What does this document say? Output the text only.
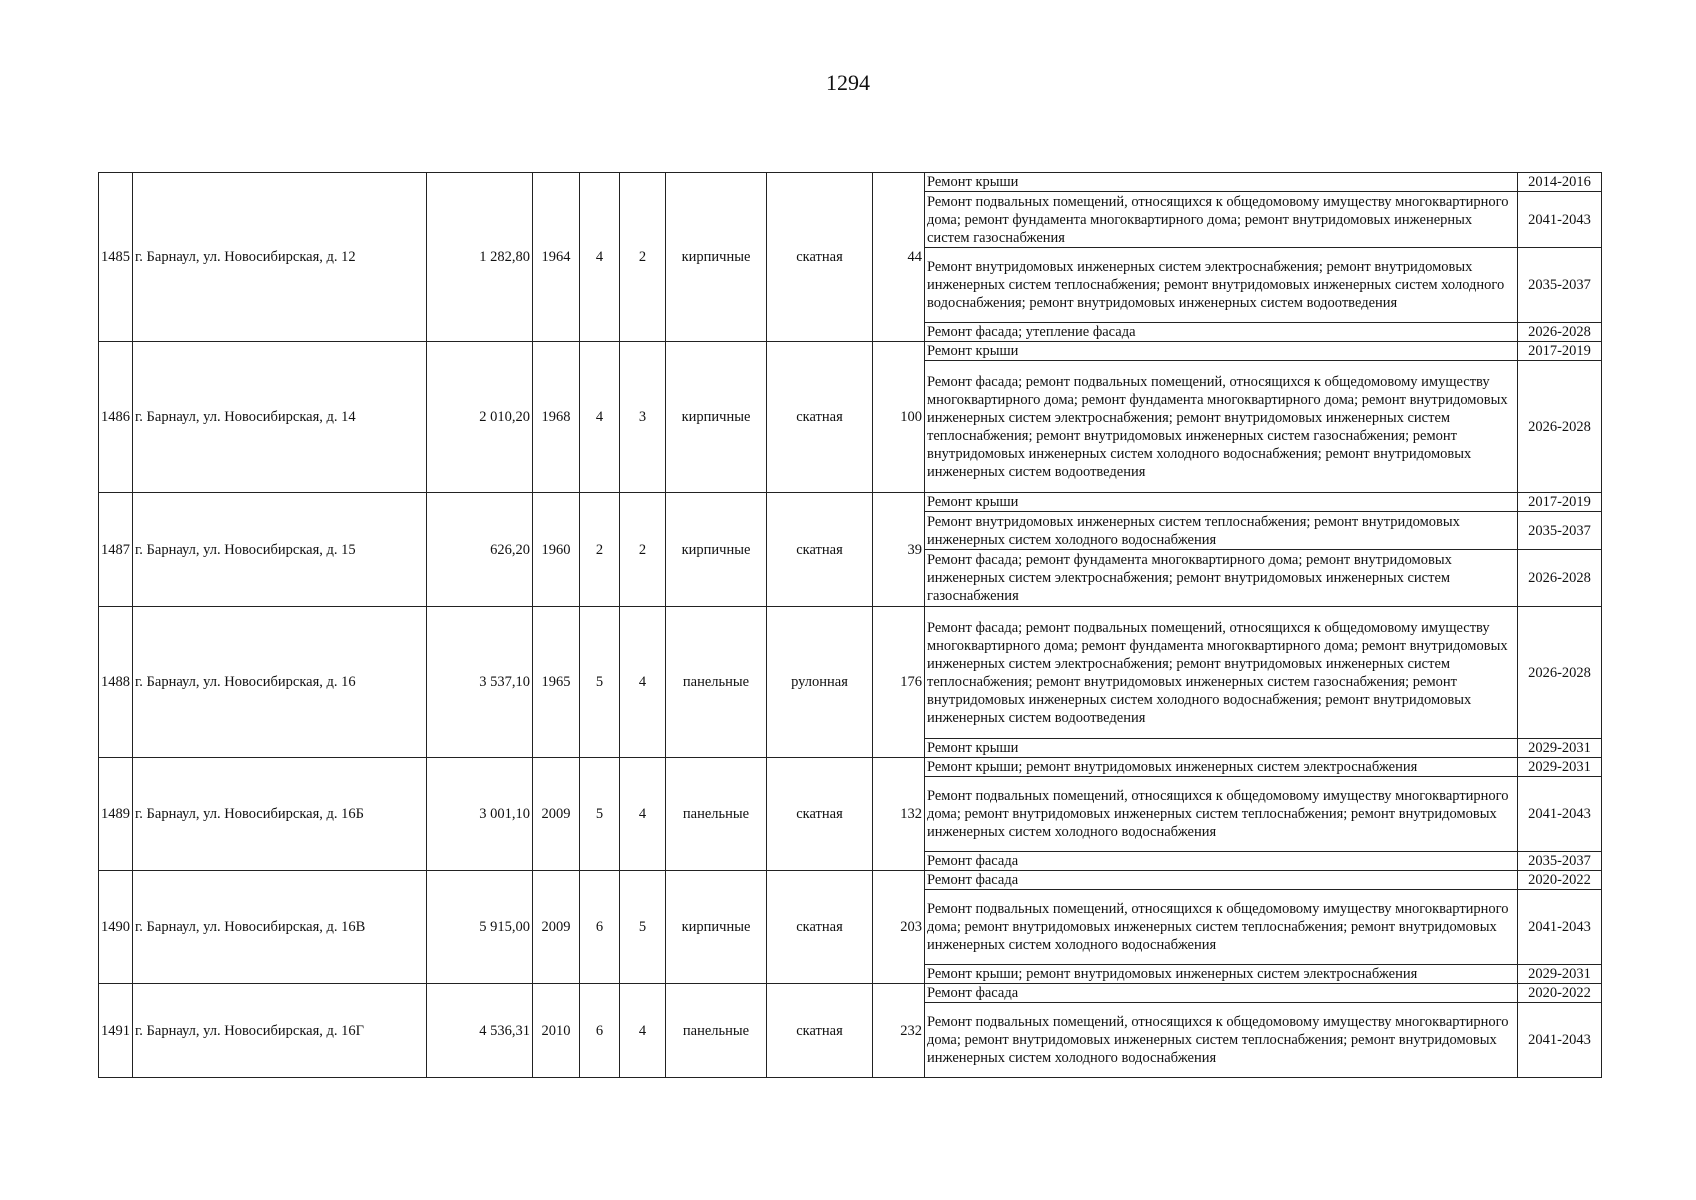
1294
1485	г. Барнаул, ул. Новосибирская, д. 12	1 282,80	1964	4	2	кирпичные	скатная	44	Ремонт крыши	2014-2016
									Ремонт подвальных помещений, относящихся к общедомовому имуществу многоквартирного дома; ремонт фундамента многоквартирного дома; ремонт внутридомовых инженерных систем газоснабжения	2041-2043
									Ремонт внутридомовых инженерных систем электроснабжения; ремонт внутридомовых инженерных систем теплоснабжения; ремонт внутридомовых инженерных систем холодного водоснабжения; ремонт внутридомовых инженерных систем водоотведения	2035-2037
									Ремонт фасада; утепление фасада	2026-2028
1486	г. Барнаул, ул. Новосибирская, д. 14	2 010,20	1968	4	3	кирпичные	скатная	100	Ремонт крыши	2017-2019
									Ремонт фасада; ремонт подвальных помещений, относящихся к общедомовому имуществу многоквартирного дома; ремонт фундамента многоквартирного дома; ремонт внутридомовых инженерных систем электроснабжения; ремонт внутридомовых инженерных систем теплоснабжения; ремонт внутридомовых инженерных систем газоснабжения; ремонт внутридомовых инженерных систем холодного водоснабжения; ремонт внутридомовых инженерных систем водоотведения	2026-2028
1487	г. Барнаул, ул. Новосибирская, д. 15	626,20	1960	2	2	кирпичные	скатная	39	Ремонт крыши	2017-2019
									Ремонт внутридомовых инженерных систем теплоснабжения; ремонт внутридомовых инженерных систем холодного водоснабжения	2035-2037
									Ремонт фасада; ремонт фундамента многоквартирного дома; ремонт внутридомовых инженерных систем электроснабжения; ремонт внутридомовых инженерных систем газоснабжения	2026-2028
1488	г. Барнаул, ул. Новосибирская, д. 16	3 537,10	1965	5	4	панельные	рулонная	176	Ремонт фасада; ремонт подвальных помещений, относящихся к общедомовому имуществу многоквартирного дома; ремонт фундамента многоквартирного дома; ремонт внутридомовых инженерных систем электроснабжения; ремонт внутридомовых инженерных систем теплоснабжения; ремонт внутридомовых инженерных систем газоснабжения; ремонт внутридомовых инженерных систем холодного водоснабжения; ремонт внутридомовых инженерных систем водоотведения	2026-2028
									Ремонт крыши	2029-2031
1489	г. Барнаул, ул. Новосибирская, д. 16Б	3 001,10	2009	5	4	панельные	скатная	132	Ремонт крыши; ремонт внутридомовых инженерных систем электроснабжения	2029-2031
									Ремонт подвальных помещений, относящихся к общедомовому имуществу многоквартирного дома; ремонт внутридомовых инженерных систем теплоснабжения; ремонт внутридомовых инженерных систем холодного водоснабжения	2041-2043
									Ремонт фасада	2035-2037
1490	г. Барнаул, ул. Новосибирская, д. 16В	5 915,00	2009	6	5	кирпичные	скатная	203	Ремонт фасада	2020-2022
									Ремонт подвальных помещений, относящихся к общедомовому имуществу многоквартирного дома; ремонт внутридомовых инженерных систем теплоснабжения; ремонт внутридомовых инженерных систем холодного водоснабжения	2041-2043
									Ремонт крыши; ремонт внутридомовых инженерных систем электроснабжения	2029-2031
1491	г. Барнаул, ул. Новосибирская, д. 16Г	4 536,31	2010	6	4	панельные	скатная	232	Ремонт фасада	2020-2022
									Ремонт подвальных помещений, относящихся к общедомовому имуществу многоквартирного дома; ремонт внутридомовых инженерных систем теплоснабжения; ремонт внутридомовых инженерных систем холодного водоснабжения	2041-2043
